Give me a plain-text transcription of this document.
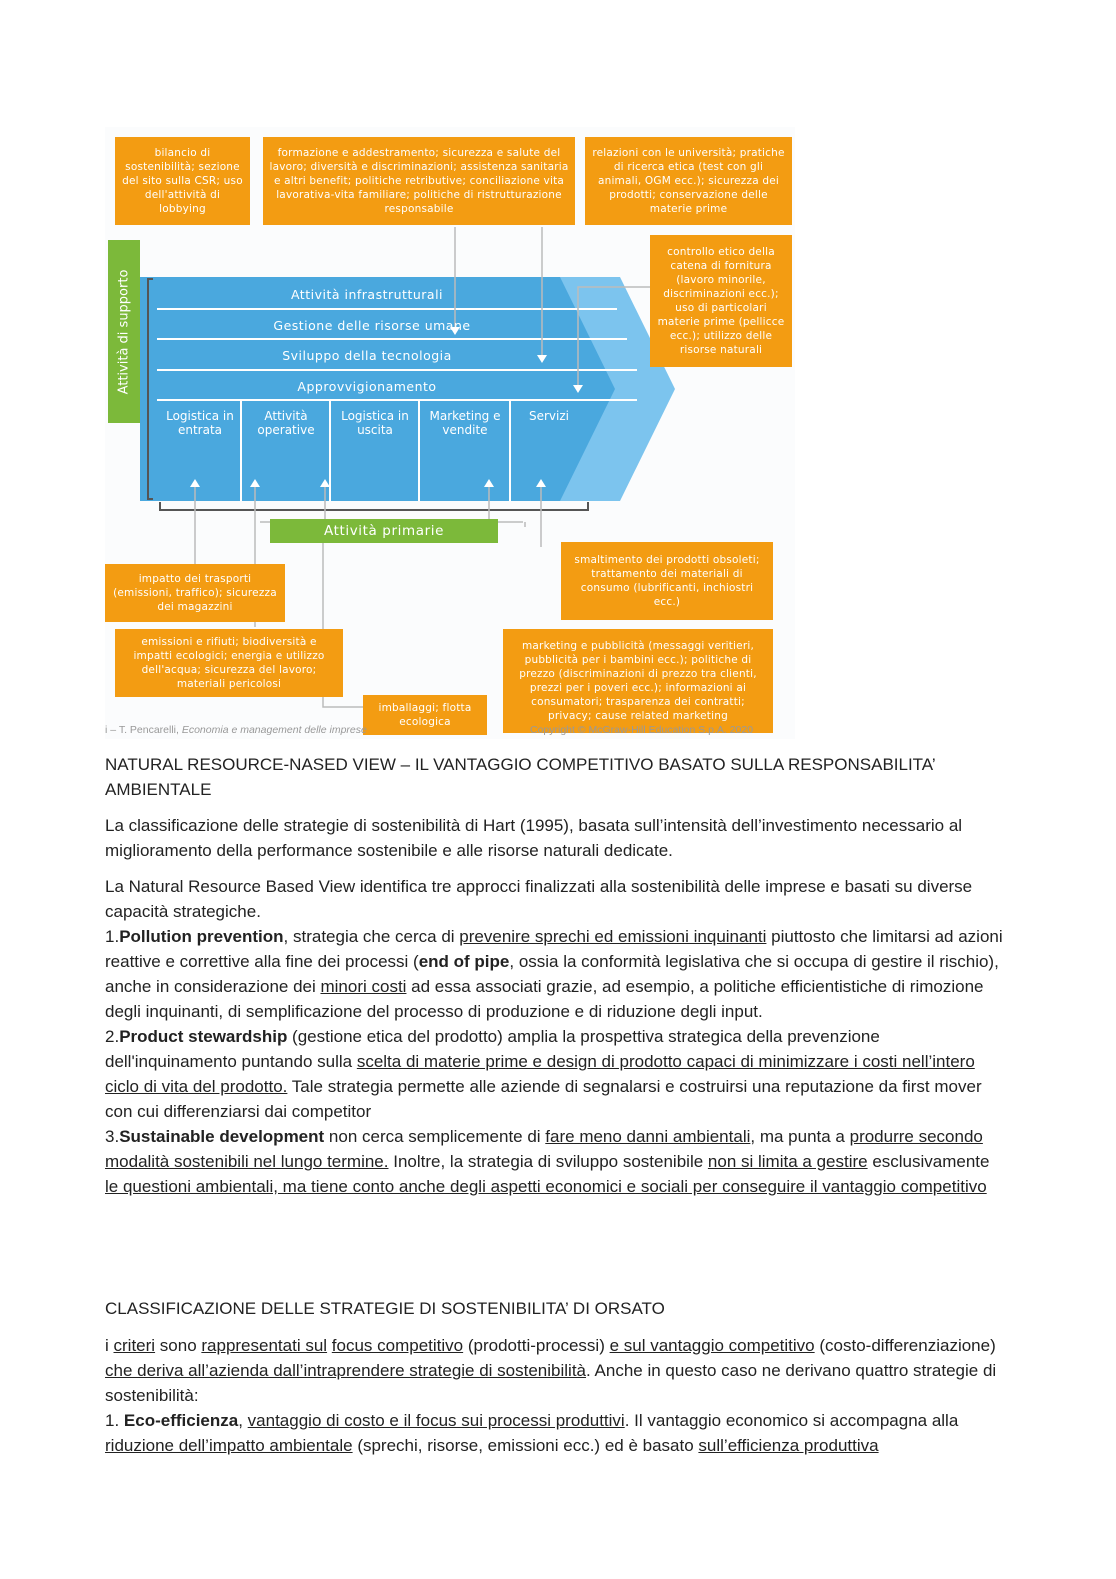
bilancio di sostenibilità; sezione del sito sulla CSR; uso dell'attività di lobbying
formazione e addestramento; sicurezza e salute del lavoro; diversità e discriminazioni; assistenza sanitaria e altri benefit; politiche retributive; conciliazione vita lavorativa-vita familiare; politiche di ristrutturazione responsabile
relazioni con le università; pratiche di ricerca etica (test con gli animali, OGM ecc.); sicurezza dei prodotti; conservazione delle materie prime
controllo etico della catena di fornitura (lavoro minorile, discriminazioni ecc.); uso di particolari materie prime (pellicce ecc.); utilizzo delle risorse naturali
Attività di supporto	Attività infrastrutturali
Gestione delle risorse umane
Sviluppo della tecnologia
Approvvigionamento
Logistica in entrata
Attività operative
Logistica in uscita
Marketing e vendite
Servizi
Attività primarie
impatto dei trasporti (emissioni, traffico); sicurezza dei magazzini
emissioni e rifiuti; biodiversità e impatti ecologici; energia e utilizzo dell'acqua; sicurezza del lavoro; materiali pericolosi
imballaggi; flotta ecologica
smaltimento dei prodotti obsoleti; trattamento dei materiali di consumo (lubrificanti, inchiostri ecc.)
marketing e pubblicità (messaggi veritieri, pubblicità per i bambini ecc.); politiche di prezzo (discriminazioni di prezzo tra clienti, prezzi per i poveri ecc.); informazioni ai consumatori; trasparenza dei contratti; privacy; cause related marketing
i – T. Pencarelli, Economia e management delle imprese	Copyright © McGraw-Hill Education S.p.A. 2020
NATURAL RESOURCE-NASED VIEW – IL VANTAGGIO COMPETITIVO BASATO SULLA RESPONSABILITA’ AMBIENTALE
La classificazione delle strategie di sostenibilità di Hart (1995), basata sull’intensità dell’investimento necessario al miglioramento della performance sostenibile e alle risorse naturali dedicate.
La Natural Resource Based View identifica tre approcci finalizzati alla sostenibilità delle imprese e basati su diverse capacità strategiche.
1.Pollution prevention, strategia che cerca di prevenire sprechi ed emissioni inquinanti piuttosto che limitarsi ad azioni reattive e correttive alla fine dei processi (end of pipe, ossia la conformità legislativa che si occupa di gestire il rischio), anche in considerazione dei minori costi ad essa associati grazie, ad esempio, a politiche efficientistiche di rimozione degli inquinanti, di semplificazione del processo di produzione e di riduzione degli input.
2.Product stewardship (gestione etica del prodotto) amplia la prospettiva strategica della prevenzione dell'inquinamento puntando sulla scelta di materie prime e design di prodotto capaci di minimizzare i costi nell’intero ciclo di vita del prodotto. Tale strategia permette alle aziende di segnalarsi e costruirsi una reputazione da first mover con cui differenziarsi dai competitor
3.Sustainable development non cerca semplicemente di fare meno danni ambientali, ma punta a produrre secondo modalità sostenibili nel lungo termine. Inoltre, la strategia di sviluppo sostenibile non si limita a gestire esclusivamente le questioni ambientali, ma tiene conto anche degli aspetti economici e sociali per conseguire il vantaggio competitivo
CLASSIFICAZIONE DELLE STRATEGIE DI SOSTENIBILITA’ DI ORSATO
i criteri sono rappresentati sul focus competitivo (prodotti-processi) e sul vantaggio competitivo (costo-differenziazione) che deriva all’azienda dall’intraprendere strategie di sostenibilità. Anche in questo caso ne derivano quattro strategie di sostenibilità:
1. Eco-efficienza, vantaggio di costo e il focus sui processi produttivi. Il vantaggio economico si accompagna alla riduzione dell’impatto ambientale (sprechi, risorse, emissioni ecc.) ed è basato sull’efficienza produttiva
